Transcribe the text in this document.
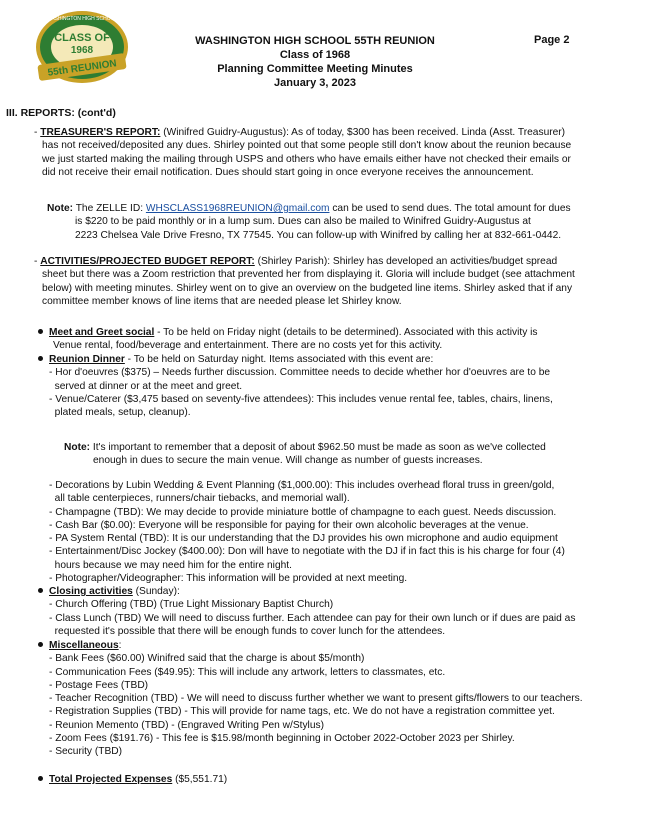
WASHINGTON HIGH SCHOOL
CLASS OF
1968
55th REUNION
WASHINGTON HIGH SCHOOL 55TH REUNION
Class of 1968
Planning Committee Meeting Minutes
January 3, 2023
Page 2
III. REPORTS: (cont'd)

- TREASURER'S REPORT: (Winifred Guidry-Augustus): As of today, $300 has been received. Linda (Asst. Treasurer)

has not received/deposited any dues. Shirley pointed out that some people still don't know about the reunion because

we just started making the mailing through USPS and others who have emails either have not checked their emails or

did not receive their email notification. Dues should start going in once everyone receives the announcement.

Note: The ZELLE ID: WHSCLASS1968REUNION@gmail.com can be used to send dues. The total amount for dues

is $220 to be paid monthly or in a lump sum. Dues can also be mailed to Winifred Guidry-Augustus at

2223 Chelsea Vale Drive Fresno, TX 77545. You can follow-up with Winifred by calling her at 832-661-0442.

- ACTIVITIES/PROJECTED BUDGET REPORT: (Shirley Parish): Shirley has developed an activities/budget spread

sheet but there was a Zoom restriction that prevented her from displaying it. Gloria will include budget (see attachment

below) with meeting minutes. Shirley went on to give an overview on the budgeted line items. Shirley asked that if any

committee member knows of line items that are needed please let Shirley know.

Meet and Greet social - To be held on Friday night (details to be determined). Associated with this activity is

Venue rental, food/beverage and entertainment. There are no costs yet for this activity.

Reunion Dinner - To be held on Saturday night. Items associated with this event are:

- Hor d'oeuvres ($375) – Needs further discussion. Committee needs to decide whether hor d'oeuvres are to be

served at dinner or at the meet and greet.

- Venue/Caterer ($3,475 based on seventy-five attendees): This includes venue rental fee, tables, chairs, linens,

plated meals, setup, cleanup).

Note: It's important to remember that a deposit of about $962.50 must be made as soon as we've collected

enough in dues to secure the main venue. Will change as number of guests increases.

- Decorations by Lubin Wedding & Event Planning ($1,000.00): This includes overhead floral truss in green/gold,

all table centerpieces, runners/chair tiebacks, and memorial wall).

- Champagne (TBD): We may decide to provide miniature bottle of champagne to each guest. Needs discussion.

- Cash Bar ($0.00): Everyone will be responsible for paying for their own alcoholic beverages at the venue.

- PA System Rental (TBD): It is our understanding that the DJ provides his own microphone and audio equipment

- Entertainment/Disc Jockey ($400.00): Don will have to negotiate with the DJ if in fact this is his charge for four (4)

hours because we may need him for the entire night.

- Photographer/Videographer: This information will be provided at next meeting.

Closing activities (Sunday):

- Church Offering (TBD) (True Light Missionary Baptist Church)

- Class Lunch (TBD) We will need to discuss further. Each attendee can pay for their own lunch or if dues are paid as

requested it's possible that there will be enough funds to cover lunch for the attendees.

Miscellaneous:

- Bank Fees ($60.00) Winifred said that the charge is about $5/month)

- Communication Fees ($49.95): This will include any artwork, letters to classmates, etc.

- Postage Fees (TBD)

- Teacher Recognition (TBD) - We will need to discuss further whether we want to present gifts/flowers to our teachers.

- Registration Supplies (TBD) - This will provide for name tags, etc. We do not have a registration committee yet.

- Reunion Memento (TBD) - (Engraved Writing Pen w/Stylus)

- Zoom Fees ($191.76) - This fee is $15.98/month beginning in October 2022-October 2023 per Shirley.

- Security (TBD)

Total Projected Expenses ($5,551.71)
